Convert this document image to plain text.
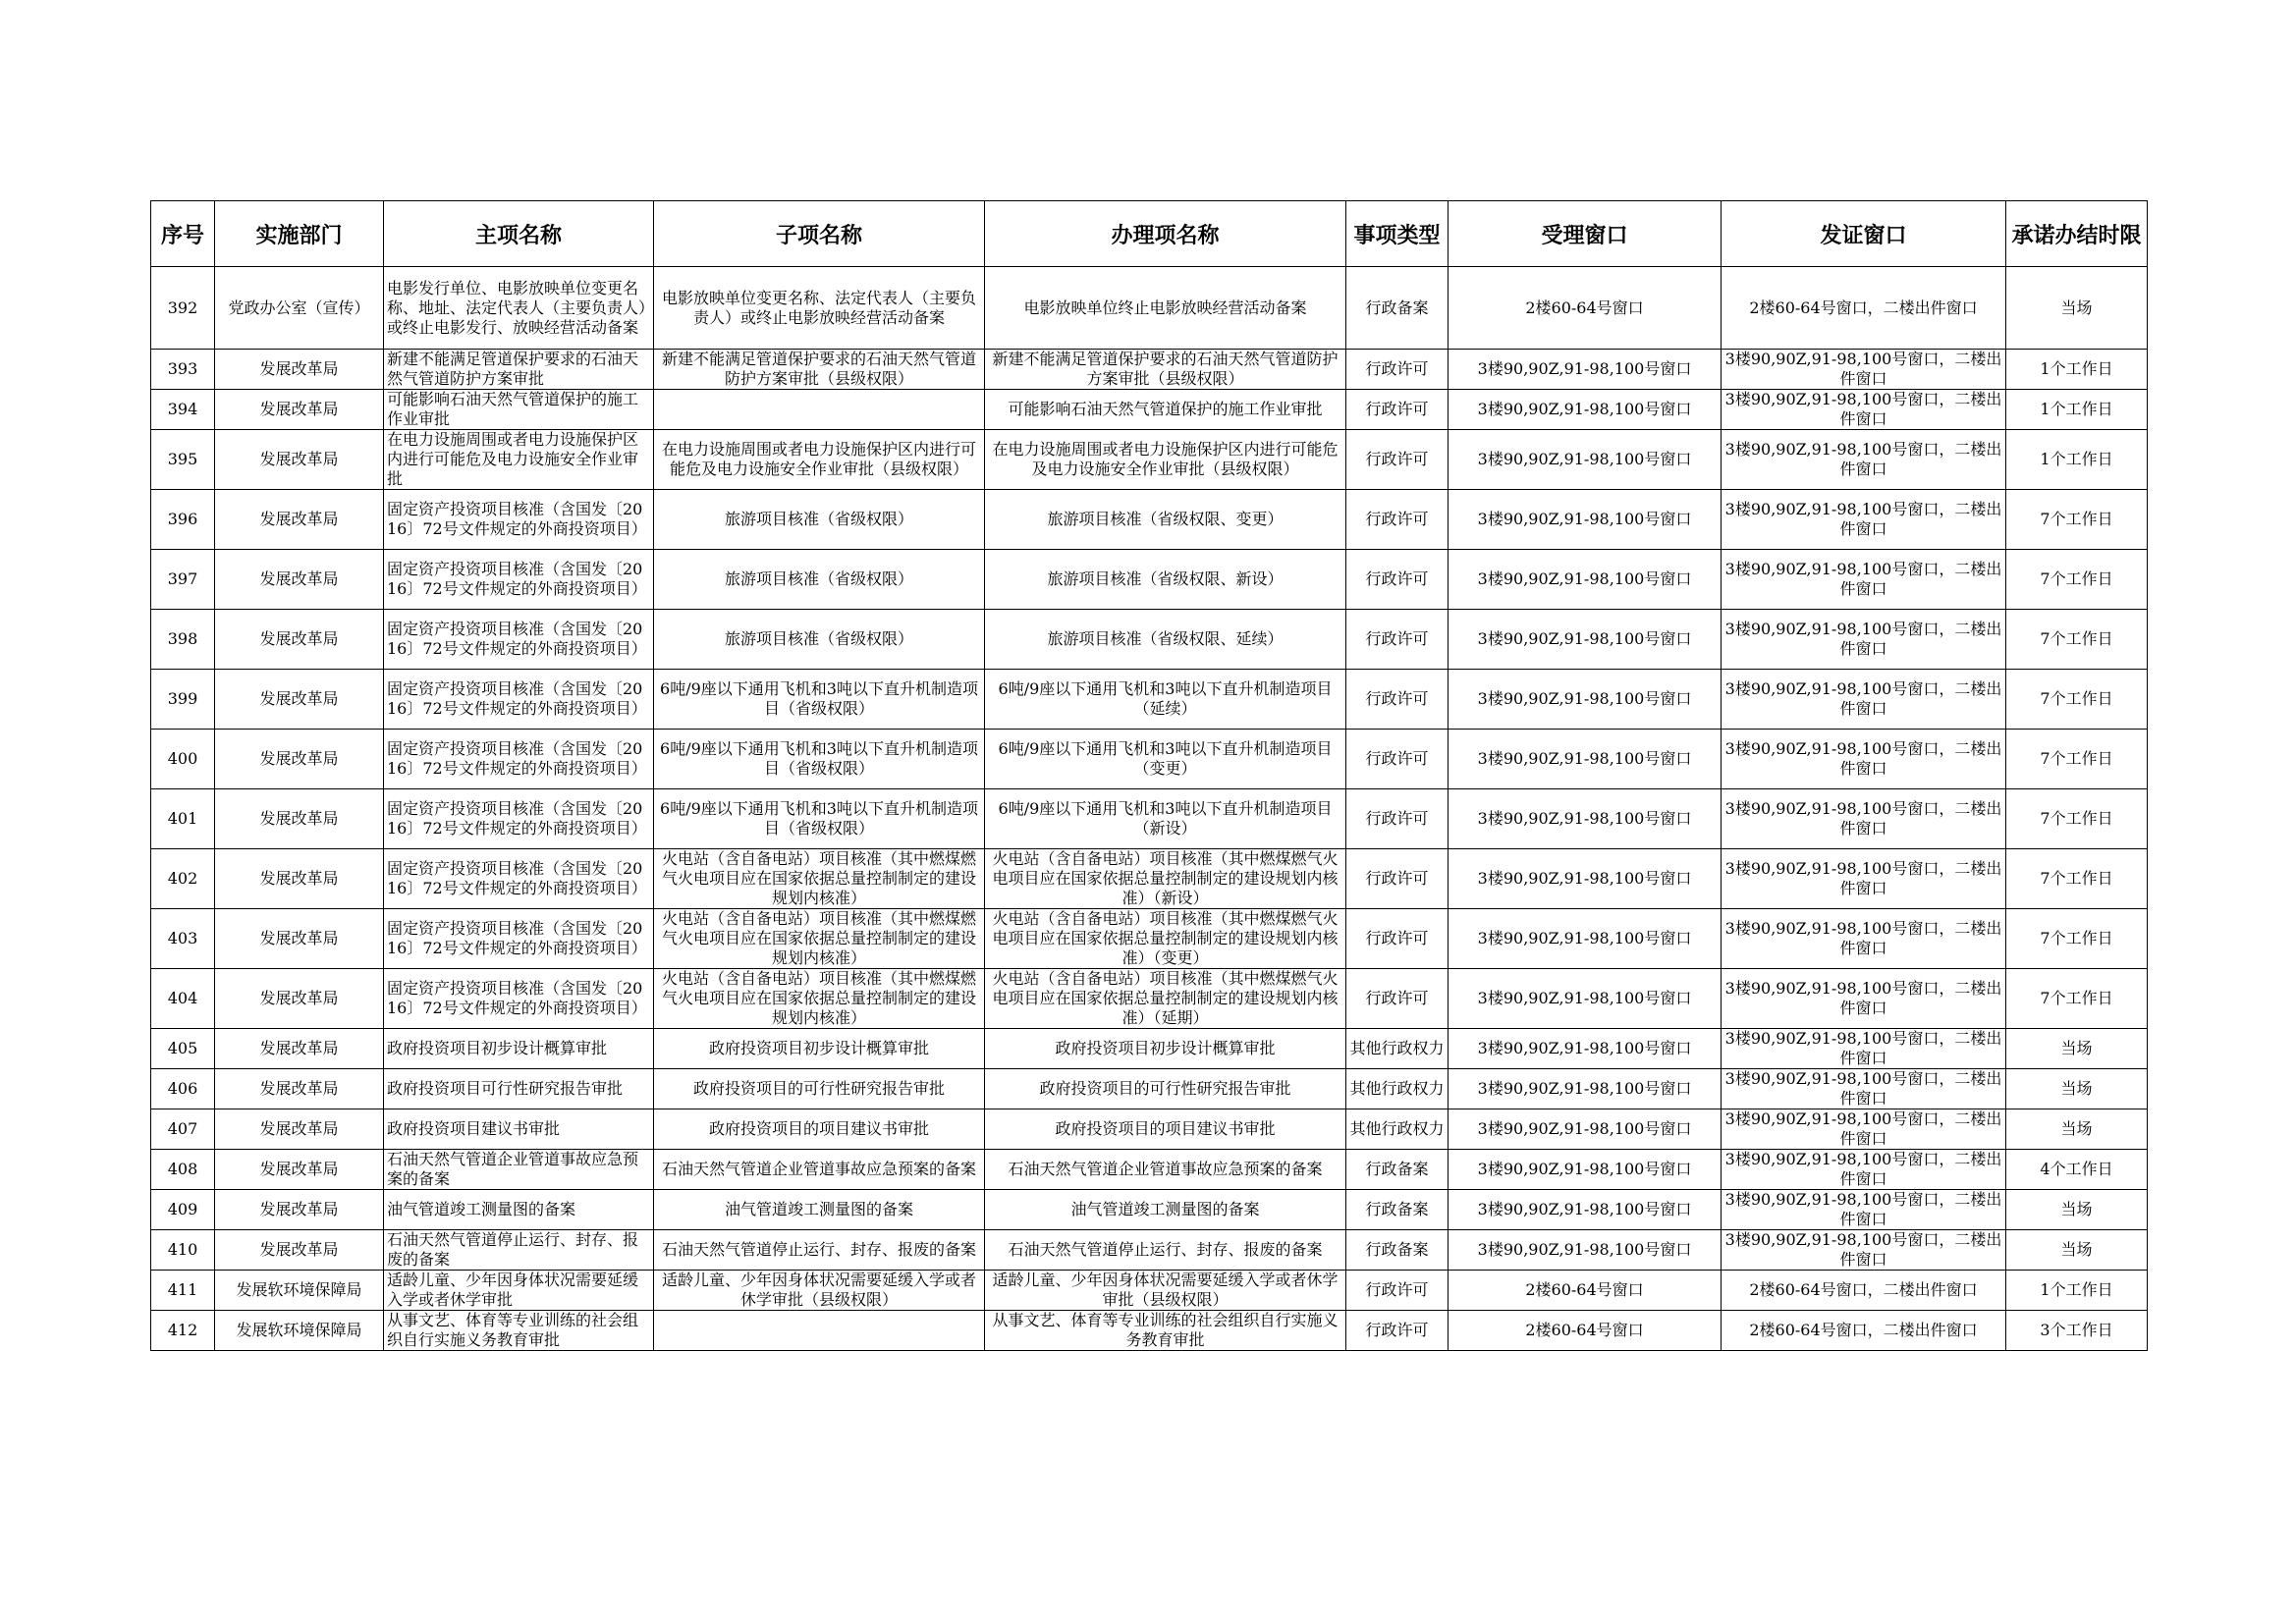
序号	实施部门	主项名称	子项名称	办理项名称	事项类型	受理窗口	发证窗口	承诺办结时限
392	党政办公室（宣传）	电影发行单位、电影放映单位变更名称、地址、法定代表人（主要负责人）或终止电影发行、放映经营活动备案	电影放映单位变更名称、法定代表人（主要负责人）或终止电影放映经营活动备案	电影放映单位终止电影放映经营活动备案	行政备案	2楼60-64号窗口	2楼60-64号窗口，二楼出件窗口	当场
393	发展改革局	新建不能满足管道保护要求的石油天然气管道防护方案审批	新建不能满足管道保护要求的石油天然气管道防护方案审批（县级权限）	新建不能满足管道保护要求的石油天然气管道防护方案审批（县级权限）	行政许可	3楼90,90Z,91-98,100号窗口	3楼90,90Z,91-98,100号窗口，二楼出件窗口	1个工作日
394	发展改革局	可能影响石油天然气管道保护的施工作业审批		可能影响石油天然气管道保护的施工作业审批	行政许可	3楼90,90Z,91-98,100号窗口	3楼90,90Z,91-98,100号窗口，二楼出件窗口	1个工作日
395	发展改革局	在电力设施周围或者电力设施保护区内进行可能危及电力设施安全作业审批	在电力设施周围或者电力设施保护区内进行可能危及电力设施安全作业审批（县级权限）	在电力设施周围或者电力设施保护区内进行可能危及电力设施安全作业审批（县级权限）	行政许可	3楼90,90Z,91-98,100号窗口	3楼90,90Z,91-98,100号窗口，二楼出件窗口	1个工作日
396	发展改革局	固定资产投资项目核准（含国发〔2016〕72号文件规定的外商投资项目）	旅游项目核准（省级权限）	旅游项目核准（省级权限、变更）	行政许可	3楼90,90Z,91-98,100号窗口	3楼90,90Z,91-98,100号窗口，二楼出件窗口	7个工作日
397	发展改革局	固定资产投资项目核准（含国发〔2016〕72号文件规定的外商投资项目）	旅游项目核准（省级权限）	旅游项目核准（省级权限、新设）	行政许可	3楼90,90Z,91-98,100号窗口	3楼90,90Z,91-98,100号窗口，二楼出件窗口	7个工作日
398	发展改革局	固定资产投资项目核准（含国发〔2016〕72号文件规定的外商投资项目）	旅游项目核准（省级权限）	旅游项目核准（省级权限、延续）	行政许可	3楼90,90Z,91-98,100号窗口	3楼90,90Z,91-98,100号窗口，二楼出件窗口	7个工作日
399	发展改革局	固定资产投资项目核准（含国发〔2016〕72号文件规定的外商投资项目）	6吨/9座以下通用飞机和3吨以下直升机制造项目（省级权限）	6吨/9座以下通用飞机和3吨以下直升机制造项目（延续）	行政许可	3楼90,90Z,91-98,100号窗口	3楼90,90Z,91-98,100号窗口，二楼出件窗口	7个工作日
400	发展改革局	固定资产投资项目核准（含国发〔2016〕72号文件规定的外商投资项目）	6吨/9座以下通用飞机和3吨以下直升机制造项目（省级权限）	6吨/9座以下通用飞机和3吨以下直升机制造项目（变更）	行政许可	3楼90,90Z,91-98,100号窗口	3楼90,90Z,91-98,100号窗口，二楼出件窗口	7个工作日
401	发展改革局	固定资产投资项目核准（含国发〔2016〕72号文件规定的外商投资项目）	6吨/9座以下通用飞机和3吨以下直升机制造项目（省级权限）	6吨/9座以下通用飞机和3吨以下直升机制造项目（新设）	行政许可	3楼90,90Z,91-98,100号窗口	3楼90,90Z,91-98,100号窗口，二楼出件窗口	7个工作日
402	发展改革局	固定资产投资项目核准（含国发〔2016〕72号文件规定的外商投资项目）	火电站（含自备电站）项目核准（其中燃煤燃气火电项目应在国家依据总量控制制定的建设规划内核准）	火电站（含自备电站）项目核准（其中燃煤燃气火电项目应在国家依据总量控制制定的建设规划内核准）（新设）	行政许可	3楼90,90Z,91-98,100号窗口	3楼90,90Z,91-98,100号窗口，二楼出件窗口	7个工作日
403	发展改革局	固定资产投资项目核准（含国发〔2016〕72号文件规定的外商投资项目）	火电站（含自备电站）项目核准（其中燃煤燃气火电项目应在国家依据总量控制制定的建设规划内核准）	火电站（含自备电站）项目核准（其中燃煤燃气火电项目应在国家依据总量控制制定的建设规划内核准）（变更）	行政许可	3楼90,90Z,91-98,100号窗口	3楼90,90Z,91-98,100号窗口，二楼出件窗口	7个工作日
404	发展改革局	固定资产投资项目核准（含国发〔2016〕72号文件规定的外商投资项目）	火电站（含自备电站）项目核准（其中燃煤燃气火电项目应在国家依据总量控制制定的建设规划内核准）	火电站（含自备电站）项目核准（其中燃煤燃气火电项目应在国家依据总量控制制定的建设规划内核准）（延期）	行政许可	3楼90,90Z,91-98,100号窗口	3楼90,90Z,91-98,100号窗口，二楼出件窗口	7个工作日
405	发展改革局	政府投资项目初步设计概算审批	政府投资项目初步设计概算审批	政府投资项目初步设计概算审批	其他行政权力	3楼90,90Z,91-98,100号窗口	3楼90,90Z,91-98,100号窗口，二楼出件窗口	当场
406	发展改革局	政府投资项目可行性研究报告审批	政府投资项目的可行性研究报告审批	政府投资项目的可行性研究报告审批	其他行政权力	3楼90,90Z,91-98,100号窗口	3楼90,90Z,91-98,100号窗口，二楼出件窗口	当场
407	发展改革局	政府投资项目建议书审批	政府投资项目的项目建议书审批	政府投资项目的项目建议书审批	其他行政权力	3楼90,90Z,91-98,100号窗口	3楼90,90Z,91-98,100号窗口，二楼出件窗口	当场
408	发展改革局	石油天然气管道企业管道事故应急预案的备案	石油天然气管道企业管道事故应急预案的备案	石油天然气管道企业管道事故应急预案的备案	行政备案	3楼90,90Z,91-98,100号窗口	3楼90,90Z,91-98,100号窗口，二楼出件窗口	4个工作日
409	发展改革局	油气管道竣工测量图的备案	油气管道竣工测量图的备案	油气管道竣工测量图的备案	行政备案	3楼90,90Z,91-98,100号窗口	3楼90,90Z,91-98,100号窗口，二楼出件窗口	当场
410	发展改革局	石油天然气管道停止运行、封存、报废的备案	石油天然气管道停止运行、封存、报废的备案	石油天然气管道停止运行、封存、报废的备案	行政备案	3楼90,90Z,91-98,100号窗口	3楼90,90Z,91-98,100号窗口，二楼出件窗口	当场
411	发展软环境保障局	适龄儿童、少年因身体状况需要延缓入学或者休学审批	适龄儿童、少年因身体状况需要延缓入学或者休学审批（县级权限）	适龄儿童、少年因身体状况需要延缓入学或者休学审批（县级权限）	行政许可	2楼60-64号窗口	2楼60-64号窗口，二楼出件窗口	1个工作日
412	发展软环境保障局	从事文艺、体育等专业训练的社会组织自行实施义务教育审批		从事文艺、体育等专业训练的社会组织自行实施义务教育审批	行政许可	2楼60-64号窗口	2楼60-64号窗口，二楼出件窗口	3个工作日
